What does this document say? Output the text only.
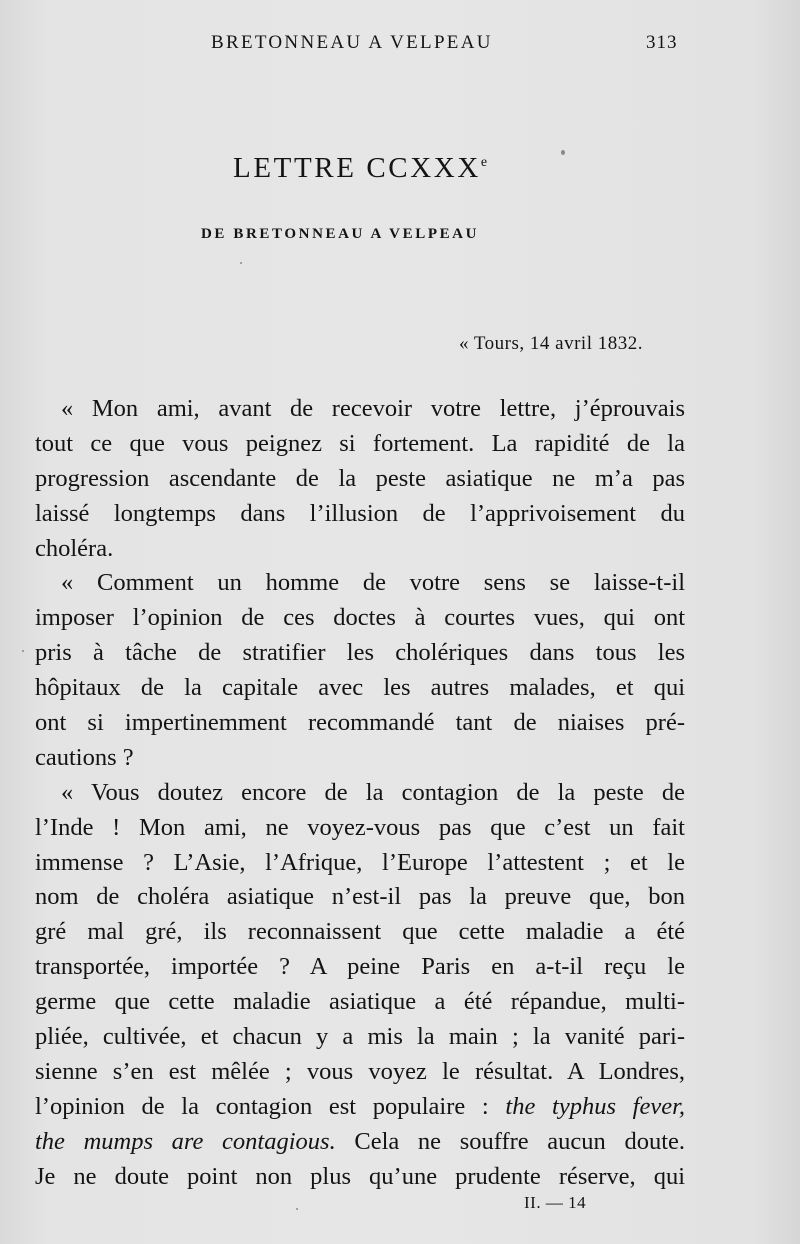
BRETONNEAU A VELPEAU	313
LETTRE CCXXXe
DE BRETONNEAU A VELPEAU
« Tours, 14 avril 1832.
« Mon ami, avant de recevoir votre lettre, j’éprouvais
tout ce que vous peignez si fortement. La rapidité de la
progression ascendante de la peste asiatique ne m’a pas
laissé longtemps dans l’illusion de l’apprivoisement du
choléra.
« Comment un homme de votre sens se laisse-t-il
imposer l’opinion de ces doctes à courtes vues, qui ont
pris à tâche de stratifier les cholériques dans tous les
hôpitaux de la capitale avec les autres malades, et qui
ont si impertinemment recommandé tant de niaises pré-
cautions ?
« Vous doutez encore de la contagion de la peste de
l’Inde ! Mon ami, ne voyez-vous pas que c’est un fait
immense ? L’Asie, l’Afrique, l’Europe l’attestent ; et le
nom de choléra asiatique n’est-il pas la preuve que, bon
gré mal gré, ils reconnaissent que cette maladie a été
transportée, importée ? A peine Paris en a-t-il reçu le
germe que cette maladie asiatique a été répandue, multi-
pliée, cultivée, et chacun y a mis la main ; la vanité pari-
sienne s’en est mêlée ; vous voyez le résultat. A Londres,
l’opinion de la contagion est populaire : the typhus fever,
the mumps are contagious. Cela ne souffre aucun doute.
Je ne doute point non plus qu’une prudente réserve, qui
II. — 14
